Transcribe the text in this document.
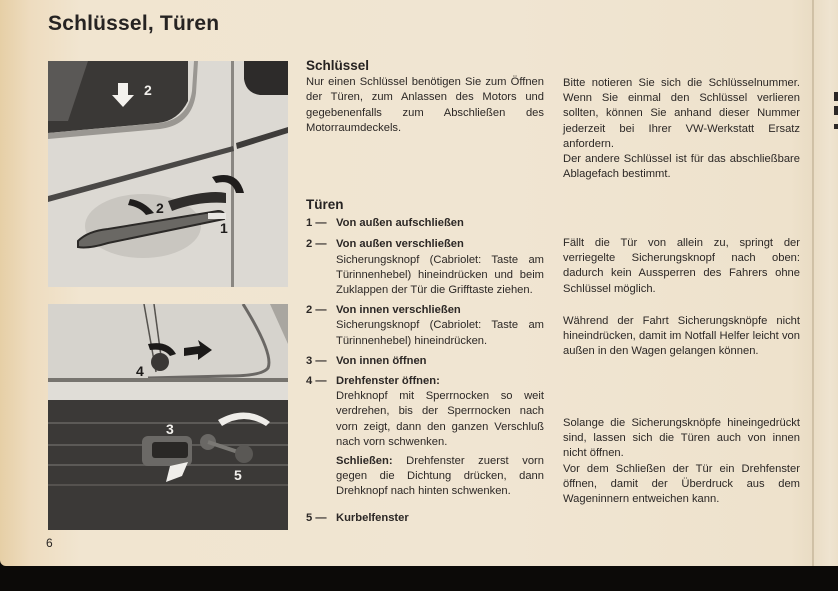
Schlüssel, Türen
2
2
1
4
3
5
6
Schlüssel

Nur einen Schlüssel benötigen Sie zum Öffnen der Türen, zum Anlassen des Motors und gegebenenfalls zum Abschließen des Motorraumdeckels.

Türen
1 — Von außen aufschließen
2 — Von außen verschließen

Sicherungsknopf (Cabriolet: Taste am Türinnenhebel) hineindrücken und beim Zuklappen der Tür die Grifftaste ziehen.

2 — Von innen verschließen

Sicherungsknopf (Cabriolet: Taste am Türinnenhebel) hineindrücken.

3 — Von innen öffnen
4 — Drehfenster öffnen:

Drehknopf mit Sperrnocken so weit verdrehen, bis der Sperrnocken nach vorn zeigt, dann den ganzen Verschluß nach vorn schwenken.

Schließen: Drehfenster zuerst vorn gegen die Dichtung drücken, dann Drehknopf nach hinten schwenken.

5 — Kurbelfenster

Bitte notieren Sie sich die Schlüsselnummer. Wenn Sie einmal den Schlüssel verlieren sollten, können Sie anhand dieser Nummer jederzeit bei Ihrer VW-Werkstatt Ersatz anfordern.

Der andere Schlüssel ist für das abschließbare Ablagefach bestimmt.

Fällt die Tür von allein zu, springt der verriegelte Sicherungsknopf nach oben: dadurch kein Aussperren des Fahrers ohne Schlüssel möglich.

Während der Fahrt Sicherungsknöpfe nicht hineindrücken, damit im Notfall Helfer leicht von außen in den Wagen gelangen können.

Solange die Sicherungsknöpfe hineingedrückt sind, lassen sich die Türen auch von innen nicht öffnen.

Vor dem Schließen der Tür ein Drehfenster öffnen, damit der Überdruck aus dem Wageninnern entweichen kann.
